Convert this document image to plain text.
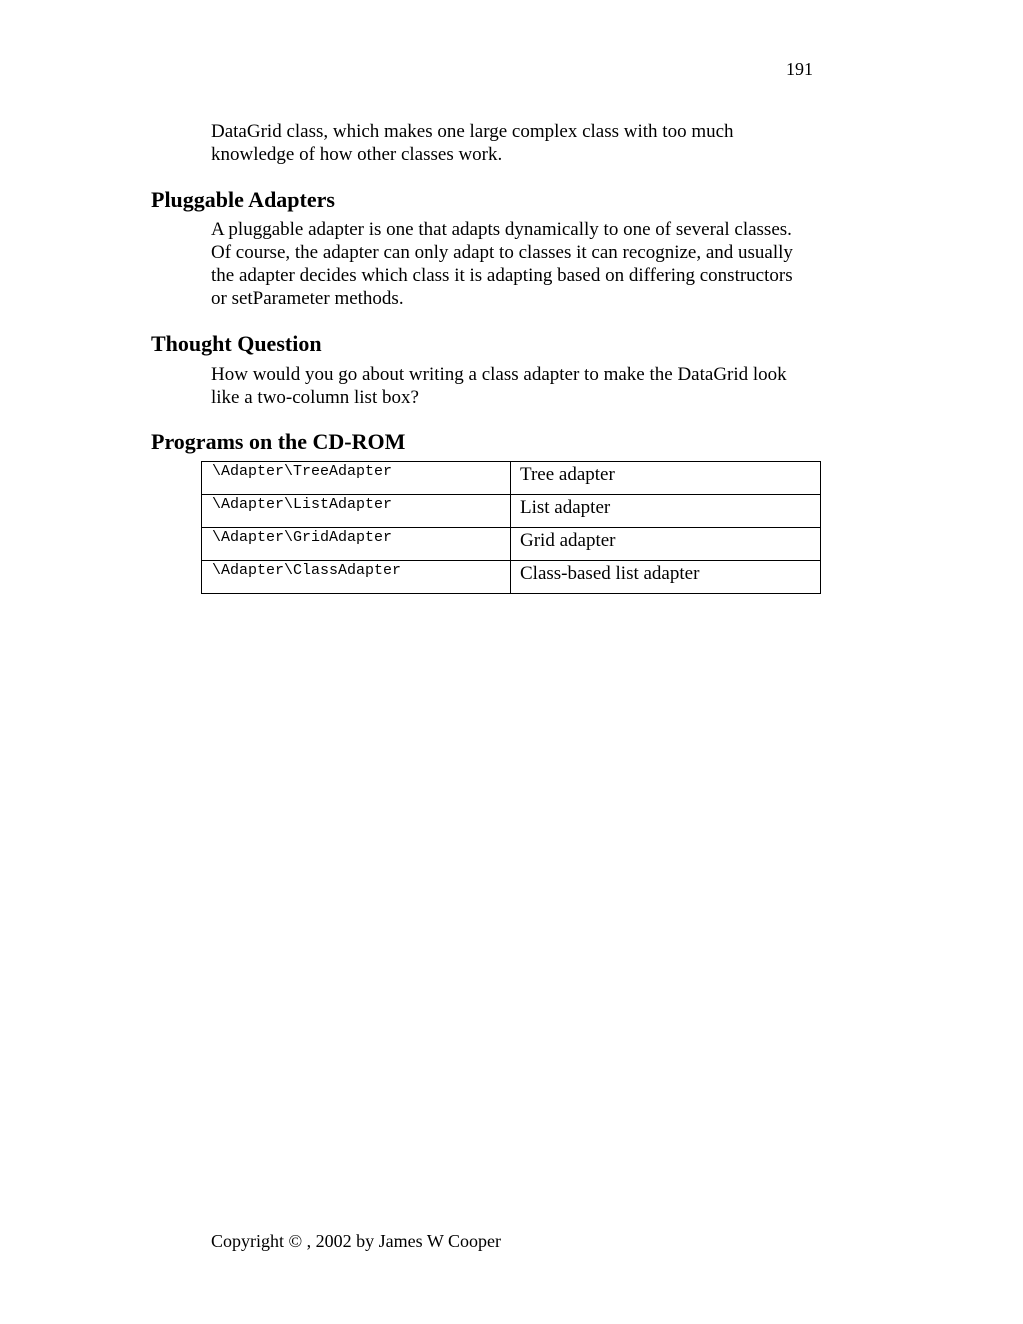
191

DataGrid class, which makes one large complex class with too much knowledge of how other classes work.

Pluggable Adapters

A pluggable adapter is one that adapts dynamically to one of several classes. Of course, the adapter can only adapt to classes it can recognize, and usually the adapter decides which class it is adapting based on differing constructors or setParameter methods.

Thought Question

How would you go about writing a class adapter to make the DataGrid look like a two-column list box?

Programs on the CD-ROM
\Adapter\TreeAdapter	Tree adapter
\Adapter\ListAdapter	List adapter
\Adapter\GridAdapter	Grid adapter
\Adapter\ClassAdapter	Class-based list adapter
Copyright © , 2002 by James W Cooper
